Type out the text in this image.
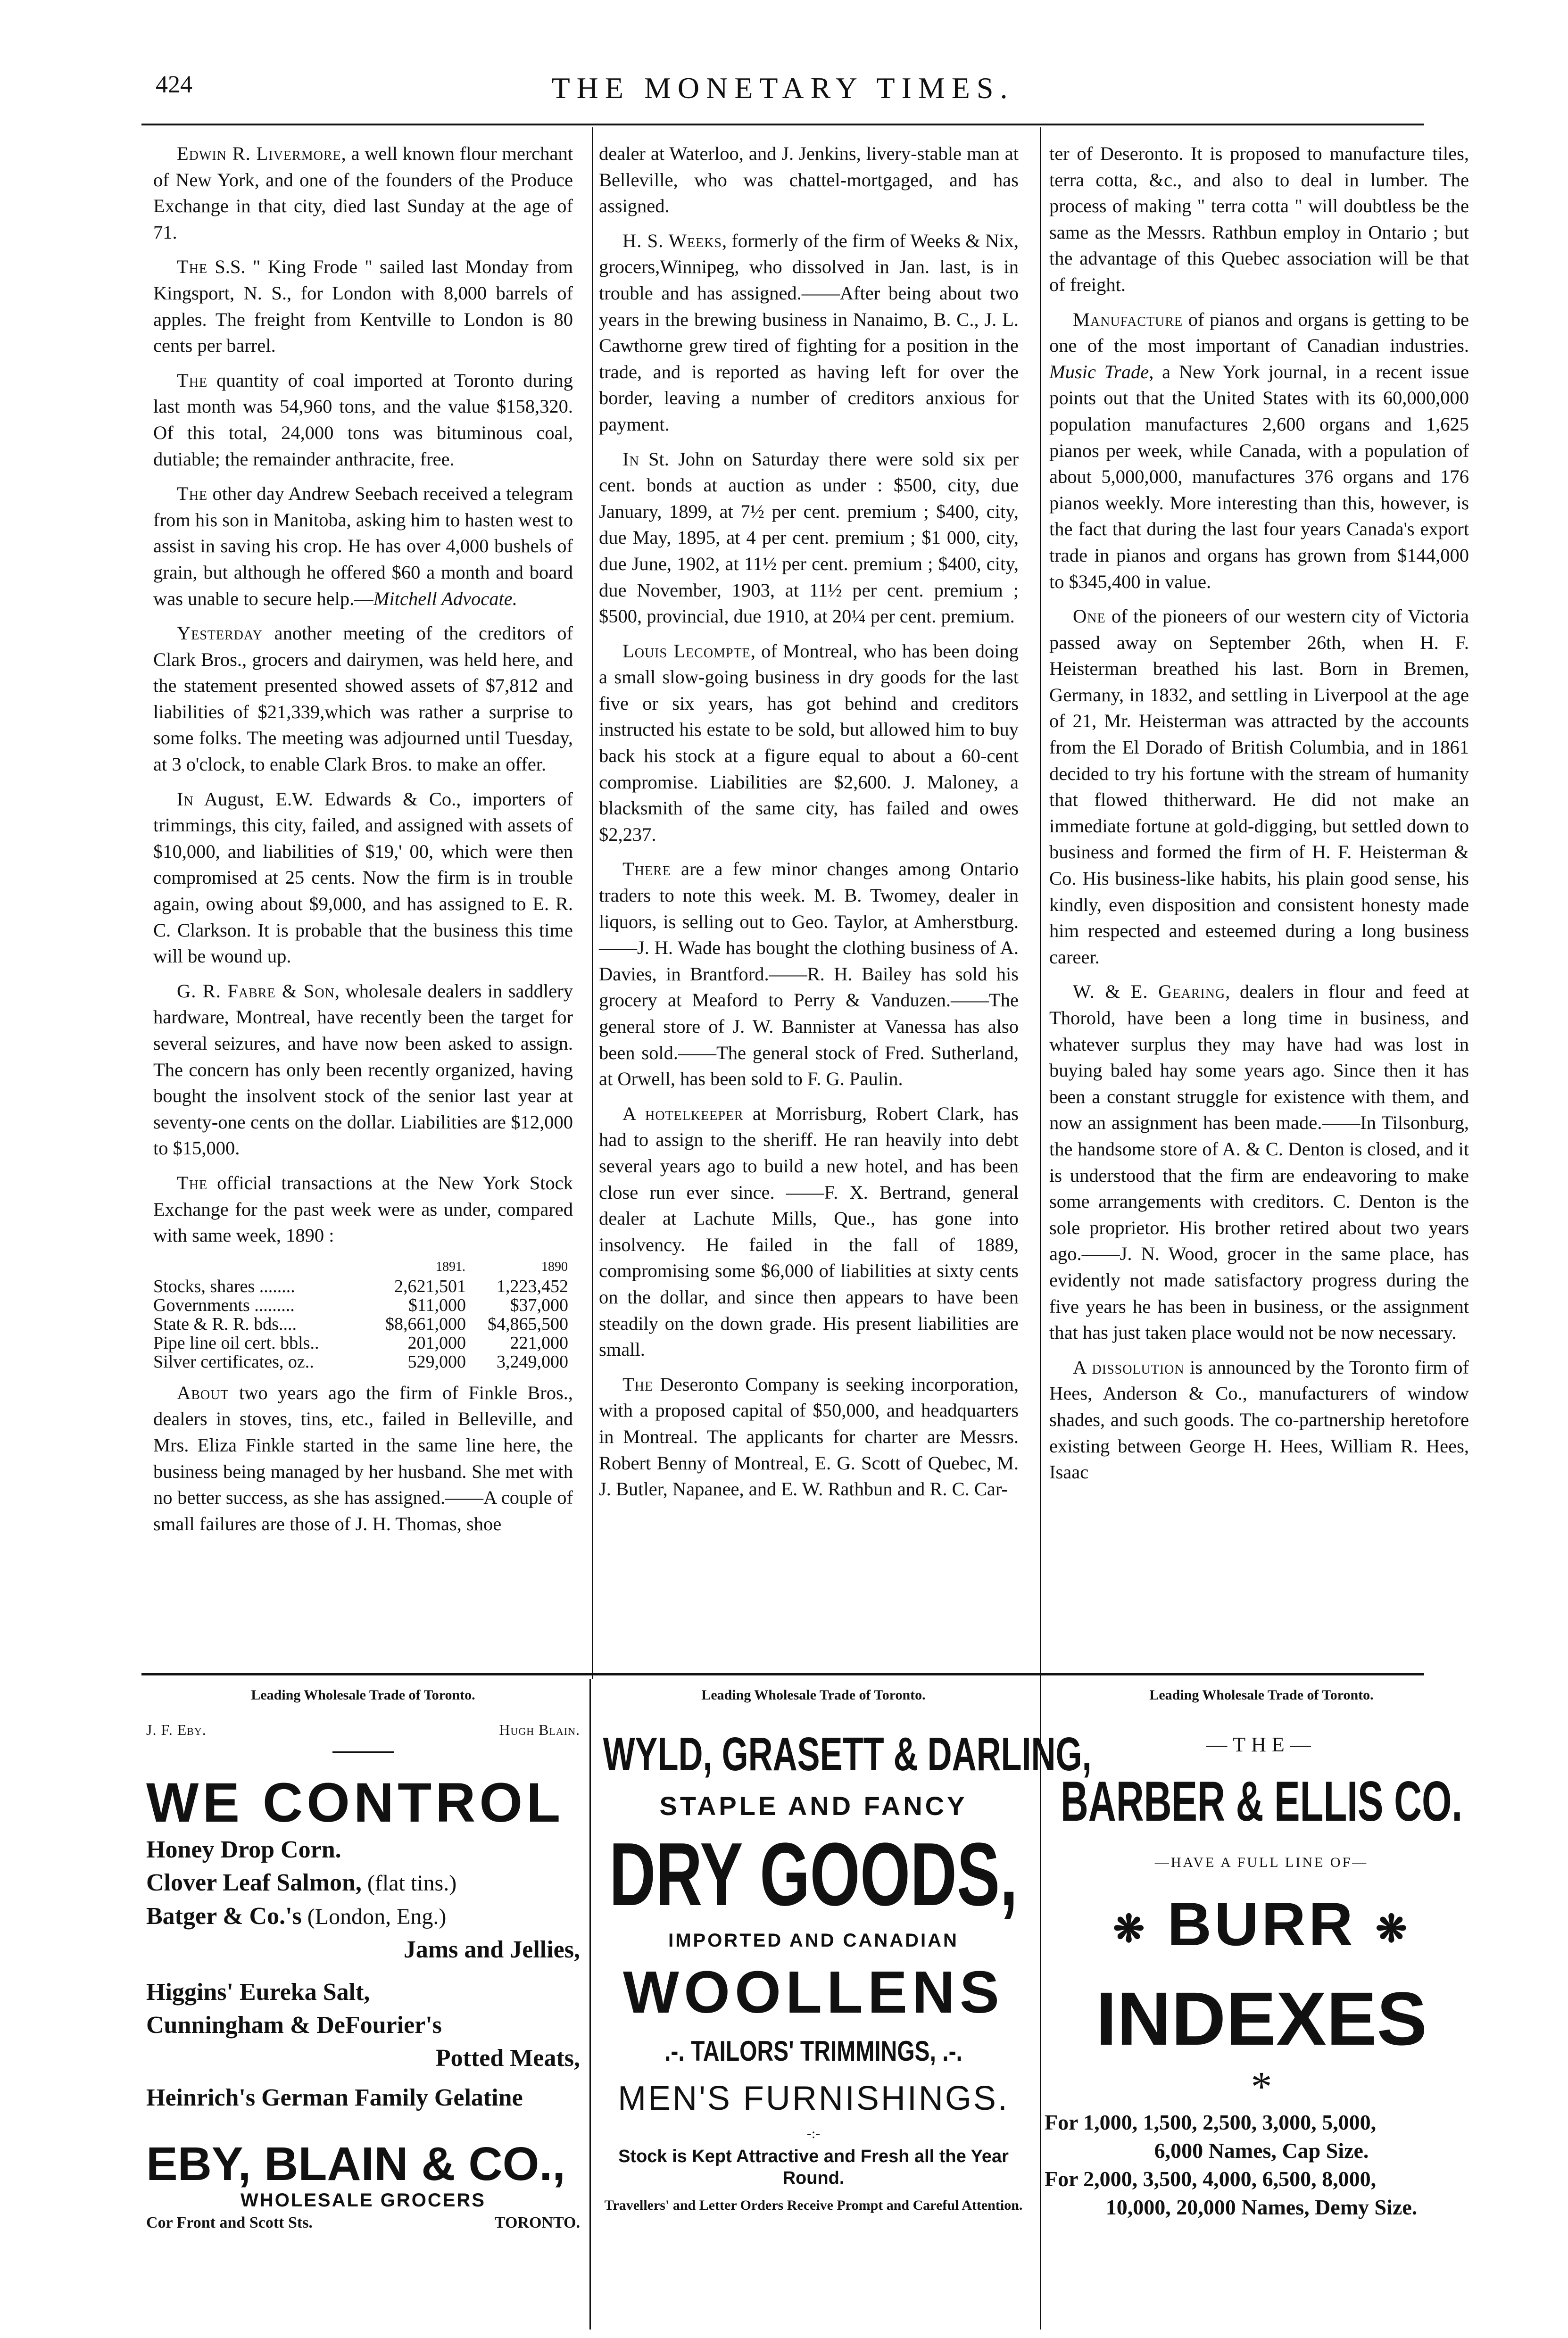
424	THE MONETARY TIMES.

Edwin R. Livermore, a well known flour merchant of New York, and one of the founders of the Produce Exchange in that city, died last Sunday at the age of 71.

The S.S. " King Frode " sailed last Monday from Kingsport, N. S., for London with 8,000 barrels of apples. The freight from Kentville to London is 80 cents per barrel.

The quantity of coal imported at Toronto during last month was 54,960 tons, and the value $158,320. Of this total, 24,000 tons was bituminous coal, dutiable; the remainder anthracite, free.

The other day Andrew Seebach received a telegram from his son in Manitoba, asking him to hasten west to assist in saving his crop. He has over 4,000 bushels of grain, but although he offered $60 a month and board was unable to secure help.—Mitchell Advocate.

Yesterday another meeting of the creditors of Clark Bros., grocers and dairymen, was held here, and the statement presented showed assets of $7,812 and liabilities of $21,339,which was rather a surprise to some folks. The meeting was adjourned until Tuesday, at 3 o'clock, to enable Clark Bros. to make an offer.

In August, E.W. Edwards & Co., importers of trimmings, this city, failed, and assigned with assets of $10,000, and liabilities of $19,' 00, which were then compromised at 25 cents. Now the firm is in trouble again, owing about $9,000, and has assigned to E. R. C. Clarkson. It is probable that the business this time will be wound up.

G. R. Fabre & Son, wholesale dealers in saddlery hardware, Montreal, have recently been the target for several seizures, and have now been asked to assign. The concern has only been recently organized, having bought the insolvent stock of the senior last year at seventy-one cents on the dollar. Liabilities are $12,000 to $15,000.

The official transactions at the New York Stock Exchange for the past week were as under, compared with same week, 1890 :

	1891.	1890
Stocks, shares ........	2,621,501	1,223,452
Governments .........	$11,000	$37,000
State & R. R. bds....	$8,661,000	$4,865,500
Pipe line oil cert. bbls..	201,000	221,000
Silver certificates, oz..	529,000	3,249,000

About two years ago the firm of Finkle Bros., dealers in stoves, tins, etc., failed in Belleville, and Mrs. Eliza Finkle started in the same line here, the business being managed by her husband. She met with no better success, as she has assigned.——A couple of small failures are those of J. H. Thomas, shoe

dealer at Waterloo, and J. Jenkins, livery-stable man at Belleville, who was chattel-mortgaged, and has assigned.

H. S. Weeks, formerly of the firm of Weeks & Nix, grocers,Winnipeg, who dissolved in Jan. last, is in trouble and has assigned.——After being about two years in the brewing business in Nanaimo, B. C., J. L. Cawthorne grew tired of fighting for a position in the trade, and is reported as having left for over the border, leaving a number of creditors anxious for payment.

In St. John on Saturday there were sold six per cent. bonds at auction as under : $500, city, due January, 1899, at 7½ per cent. premium ; $400, city, due May, 1895, at 4 per cent. premium ; $1 000, city, due June, 1902, at 11½ per cent. premium ; $400, city, due November, 1903, at 11½ per cent. premium ; $500, provincial, due 1910, at 20¼ per cent. premium.

Louis Lecompte, of Montreal, who has been doing a small slow-going business in dry goods for the last five or six years, has got behind and creditors instructed his estate to be sold, but allowed him to buy back his stock at a figure equal to about a 60-cent compromise. Liabilities are $2,600. J. Maloney, a blacksmith of the same city, has failed and owes $2,237.

There are a few minor changes among Ontario traders to note this week. M. B. Twomey, dealer in liquors, is selling out to Geo. Taylor, at Amherstburg.——J. H. Wade has bought the clothing business of A. Davies, in Brantford.——R. H. Bailey has sold his grocery at Meaford to Perry & Vanduzen.——The general store of J. W. Bannister at Vanessa has also been sold.——The general stock of Fred. Sutherland, at Orwell, has been sold to F. G. Paulin.

A hotelkeeper at Morrisburg, Robert Clark, has had to assign to the sheriff. He ran heavily into debt several years ago to build a new hotel, and has been close run ever since. ——F. X. Bertrand, general dealer at Lachute Mills, Que., has gone into insolvency. He failed in the fall of 1889, compromising some $6,000 of liabilities at sixty cents on the dollar, and since then appears to have been steadily on the down grade. His present liabilities are small.

The Deseronto Company is seeking incorporation, with a proposed capital of $50,000, and headquarters in Montreal. The applicants for charter are Messrs. Robert Benny of Montreal, E. G. Scott of Quebec, M. J. Butler, Napanee, and E. W. Rathbun and R. C. Car-

ter of Deseronto. It is proposed to manufacture tiles, terra cotta, &c., and also to deal in lumber. The process of making " terra cotta " will doubtless be the same as the Messrs. Rathbun employ in Ontario ; but the advantage of this Quebec association will be that of freight.

Manufacture of pianos and organs is getting to be one of the most important of Canadian industries. Music Trade, a New York journal, in a recent issue points out that the United States with its 60,000,000 population manufactures 2,600 organs and 1,625 pianos per week, while Canada, with a population of about 5,000,000, manufactures 376 organs and 176 pianos weekly. More interesting than this, however, is the fact that during the last four years Canada's export trade in pianos and organs has grown from $144,000 to $345,400 in value.

One of the pioneers of our western city of Victoria passed away on September 26th, when H. F. Heisterman breathed his last. Born in Bremen, Germany, in 1832, and settling in Liverpool at the age of 21, Mr. Heisterman was attracted by the accounts from the El Dorado of British Columbia, and in 1861 decided to try his fortune with the stream of humanity that flowed thitherward. He did not make an immediate fortune at gold-digging, but settled down to business and formed the firm of H. F. Heisterman & Co. His business-like habits, his plain good sense, his kindly, even disposition and consistent honesty made him respected and esteemed during a long business career.

W. & E. Gearing, dealers in flour and feed at Thorold, have been a long time in business, and whatever surplus they may have had was lost in buying baled hay some years ago. Since then it has been a constant struggle for existence with them, and now an assignment has been made.——In Tilsonburg, the handsome store of A. & C. Denton is closed, and it is understood that the firm are endeavoring to make some arrangements with creditors. C. Denton is the sole proprietor. His brother retired about two years ago.——J. N. Wood, grocer in the same place, has evidently not made satisfactory progress during the five years he has been in business, or the assignment that has just taken place would not be now necessary.

A dissolution is announced by the Toronto firm of Hees, Anderson & Co., manufacturers of window shades, and such goods. The co-partnership heretofore existing between George H. Hees, William R. Hees, Isaac

Leading Wholesale Trade of Toronto.	Leading Wholesale Trade of Toronto.	Leading Wholesale Trade of Toronto.
J. F. Eby.	Hugh Blain.
WE CONTROL
Honey Drop Corn.
Clover Leaf Salmon, (flat tins.)
Batger & Co.'s (London, Eng.)
Jams and Jellies,
Higgins' Eureka Salt,
Cunningham & DeFourier's
Potted Meats,
Heinrich's German Family Gelatine
EBY, BLAIN & CO.,
WHOLESALE GROCERS
Cor Front and Scott Sts.	TORONTO.
WYLD, GRASETT & DARLING,
STAPLE AND FANCY
DRY GOODS,
IMPORTED AND CANADIAN
WOOLLENS
.-. TAILORS' TRIMMINGS, .-.
MEN'S FURNISHINGS.
-:-
Stock is Kept Attractive and Fresh all the Year Round.
Travellers' and Letter Orders Receive Prompt and Careful Attention.
—THE—
BARBER & ELLIS CO.
—HAVE A FULL LINE OF—
❋ BURR ❋
INDEXES
*
For 1,000, 1,500, 2,500, 3,000, 5,000,
6,000 Names, Cap Size.
For 2,000, 3,500, 4,000, 6,500, 8,000,
10,000, 20,000 Names, Demy Size.
